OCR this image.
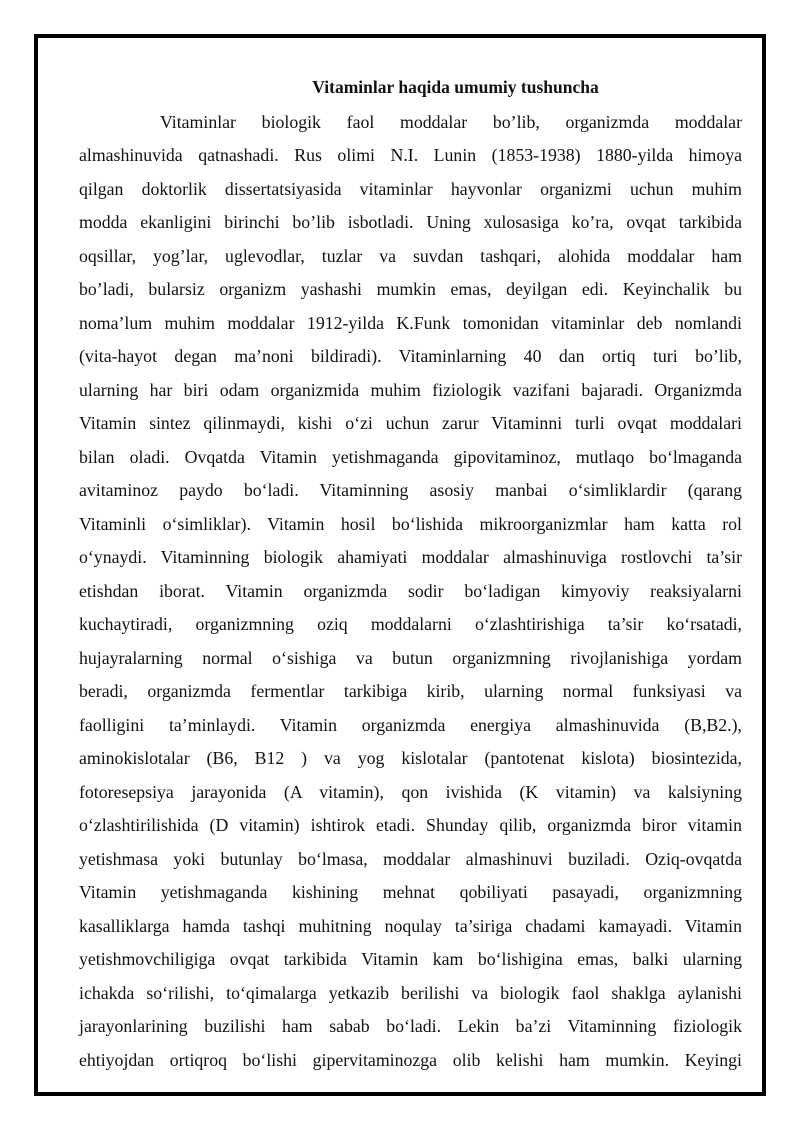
Vitaminlar haqida umumiy tushuncha
Vitaminlar biologik faol moddalar bo’lib, organizmda moddalar
almashinuvida qatnashadi. Rus olimi N.I. Lunin (1853-1938) 1880-yilda himoya
qilgan doktorlik dissertatsiyasida vitaminlar hayvonlar organizmi uchun muhim
modda ekanligini birinchi bo’lib isbotladi. Uning xulosasiga ko’ra, ovqat tarkibida
oqsillar, yog’lar, uglevodlar, tuzlar va suvdan tashqari, alohida moddalar ham
bo’ladi, bularsiz organizm yashashi mumkin emas, deyilgan edi. Keyinchalik bu
noma’lum muhim moddalar 1912-yilda K.Funk tomonidan vitaminlar deb nomlandi
(vita-hayot degan ma’noni bildiradi). Vitaminlarning 40 dan ortiq turi bo’lib,
ularning har biri odam organizmida muhim fiziologik vazifani bajaradi. Organizmda
Vitamin sintez qilinmaydi, kishi o‘zi uchun zarur Vitaminni turli ovqat moddalari
bilan oladi. Ovqatda Vitamin yetishmaganda gipovitaminoz, mutlaqo bo‘lmaganda
avitaminoz paydo bo‘ladi. Vitaminning asosiy manbai o‘simliklardir (qarang
Vitaminli o‘simliklar). Vitamin hosil bo‘lishida mikroorganizmlar ham katta rol
o‘ynaydi. Vitaminning biologik ahamiyati moddalar almashinuviga rostlovchi ta’sir
etishdan iborat. Vitamin organizmda sodir bo‘ladigan kimyoviy reaksiyalarni
kuchaytiradi, organizmning oziq moddalarni o‘zlashtirishiga ta’sir ko‘rsatadi,
hujayralarning normal o‘sishiga va butun organizmning rivojlanishiga yordam
beradi, organizmda fermentlar tarkibiga kirib, ularning normal funksiyasi va
faolligini ta’minlaydi. Vitamin organizmda energiya almashinuvida (B,B2.),
aminokislotalar (B6, B12 ) va yog kislotalar (pantotenat kislota) biosintezida,
fotoresepsiya jarayonida (A vitamin), qon ivishida (K vitamin) va kalsiyning
o‘zlashtirilishida (D vitamin) ishtirok etadi. Shunday qilib, organizmda biror vitamin
yetishmasa yoki butunlay bo‘lmasa, moddalar almashinuvi buziladi. Oziq-ovqatda
Vitamin yetishmaganda kishining mehnat qobiliyati pasayadi, organizmning
kasalliklarga hamda tashqi muhitning noqulay ta’siriga chadami kamayadi. Vitamin
yetishmovchiligiga ovqat tarkibida Vitamin kam bo‘lishigina emas, balki ularning
ichakda so‘rilishi, to‘qimalarga yetkazib berilishi va biologik faol shaklga aylanishi
jarayonlarining buzilishi ham sabab bo‘ladi. Lekin ba’zi Vitaminning fiziologik
ehtiyojdan ortiqroq bo‘lishi gipervitaminozga olib kelishi ham mumkin. Keyingi
